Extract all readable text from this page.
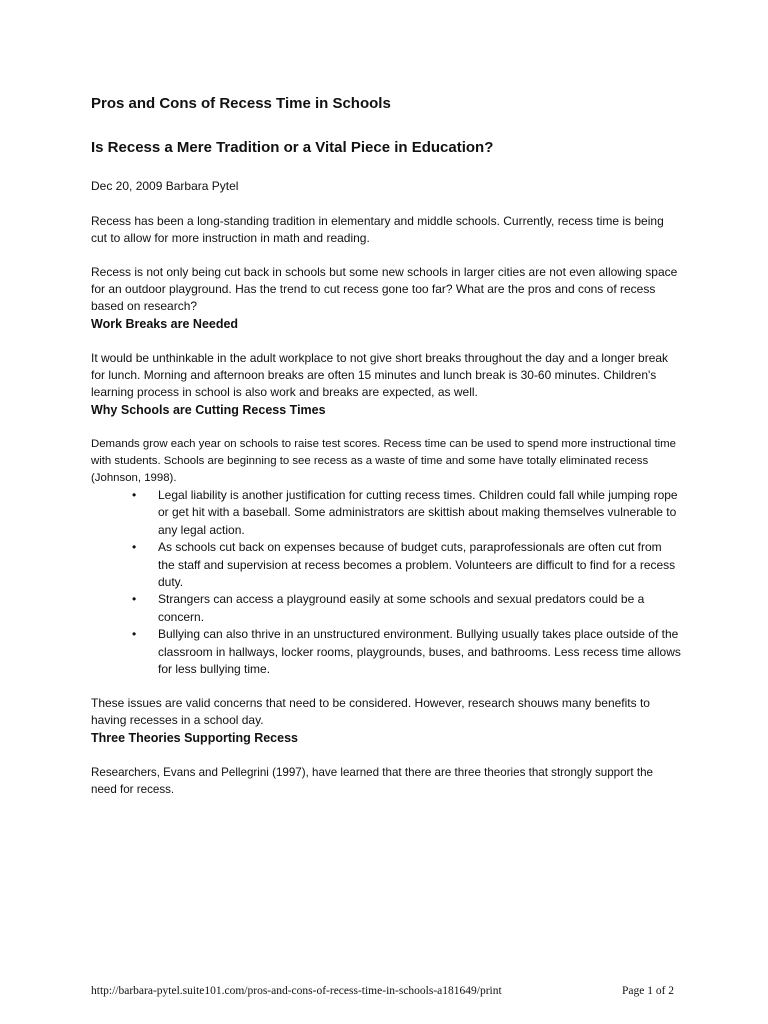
Pros and Cons of Recess Time in Schools
Is Recess a Mere Tradition or a Vital Piece in Education?
Dec 20, 2009 Barbara Pytel

Recess has been a long-standing tradition in elementary and middle schools. Currently, recess time is being cut to allow for more instruction in math and reading.

Recess is not only being cut back in schools but some new schools in larger cities are not even allowing space for an outdoor playground. Has the trend to cut recess gone too far? What are the pros and cons of recess based on research?

Work Breaks are Needed

It would be unthinkable in the adult workplace to not give short breaks throughout the day and a longer break for lunch. Morning and afternoon breaks are often 15 minutes and lunch break is 30-60 minutes. Children's learning process in school is also work and breaks are expected, as well.

Why Schools are Cutting Recess Times

Demands grow each year on schools to raise test scores. Recess time can be used to spend more instructional time with students. Schools are beginning to see recess as a waste of time and some have totally eliminated recess (Johnson, 1998).

• Legal liability is another justification for cutting recess times. Children could fall while jumping rope or get hit with a baseball. Some administrators are skittish about making themselves vulnerable to any legal action.
• As schools cut back on expenses because of budget cuts, paraprofessionals are often cut from the staff and supervision at recess becomes a problem. Volunteers are difficult to find for a recess duty.
• Strangers can access a playground easily at some schools and sexual predators could be a concern.
• Bullying can also thrive in an unstructured environment. Bullying usually takes place outside of the classroom in hallways, locker rooms, playgrounds, buses, and bathrooms. Less recess time allows for less bullying time.

These issues are valid concerns that need to be considered. However, research shouws many benefits to having recesses in a school day.

Three Theories Supporting Recess

Researchers, Evans and Pellegrini (1997), have learned that there are three theories that strongly support the need for recess.

http://barbara-pytel.suite101.com/pros-and-cons-of-recess-time-in-schools-a181649/print	Page 1 of 2
